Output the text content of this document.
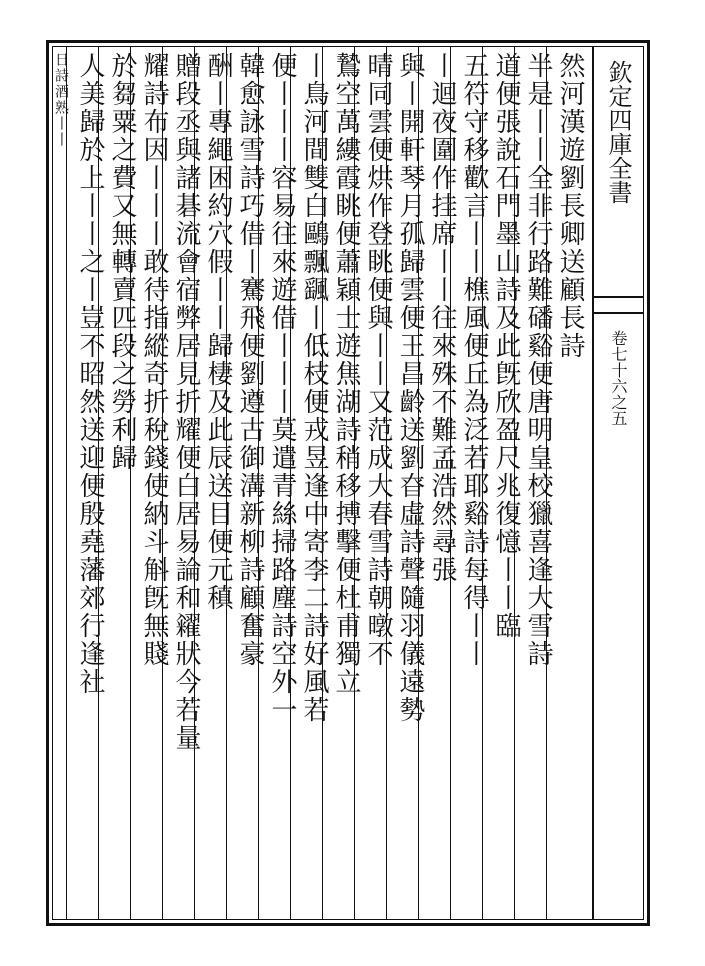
欽定四庫全書
卷七十六之五
然河漢遊劉長卿送顧長詩
半是丨丨全非行路難磻谿便唐明皇校獵喜逢大雪詩
道便張說石門墨山詩及此旣欣盈尺兆復憶丨丨臨
五符守移歡言丨丨樵風便丘為泛若耶谿詩每得丨丨
丨迴夜圍作挂席丨丨往來殊不難孟浩然尋張
與丨開軒琴月孤歸雲便王昌齡送劉昚虛詩聲隨羽儀遠勢
晴同雲便烘作登眺便與丨丨又范成大春雪詩朝暾不
鷙空萬縷霞眺便蕭穎士遊焦湖詩稍移搏擊便杜甫獨立
丨鳥河間雙白鷗飄颻丨低枝便戎昱逢中寄李二詩好風若
便丨丨丨容易往來遊借丨丨丨莫遣青絲掃路塵詩空外一
韓愈詠雪詩巧借丨騫飛便劉遵古御溝新柳詩顧奮豪
酬丨專繩困約穴假丨丨歸棲及此辰送目便元稹
贈段丞與諸碁流會宿弊居見折耀便白居易論和糴狀今若量
耀詩布因丨丨丨敢待指縱奇折稅錢使納斗斛旣無賤
於芻粟之費又無轉賣匹段之勞利歸
人美歸於上丨丨之丨豈不昭然送迎便殷堯藩郊行逢社
日詩酒熟丨丨
